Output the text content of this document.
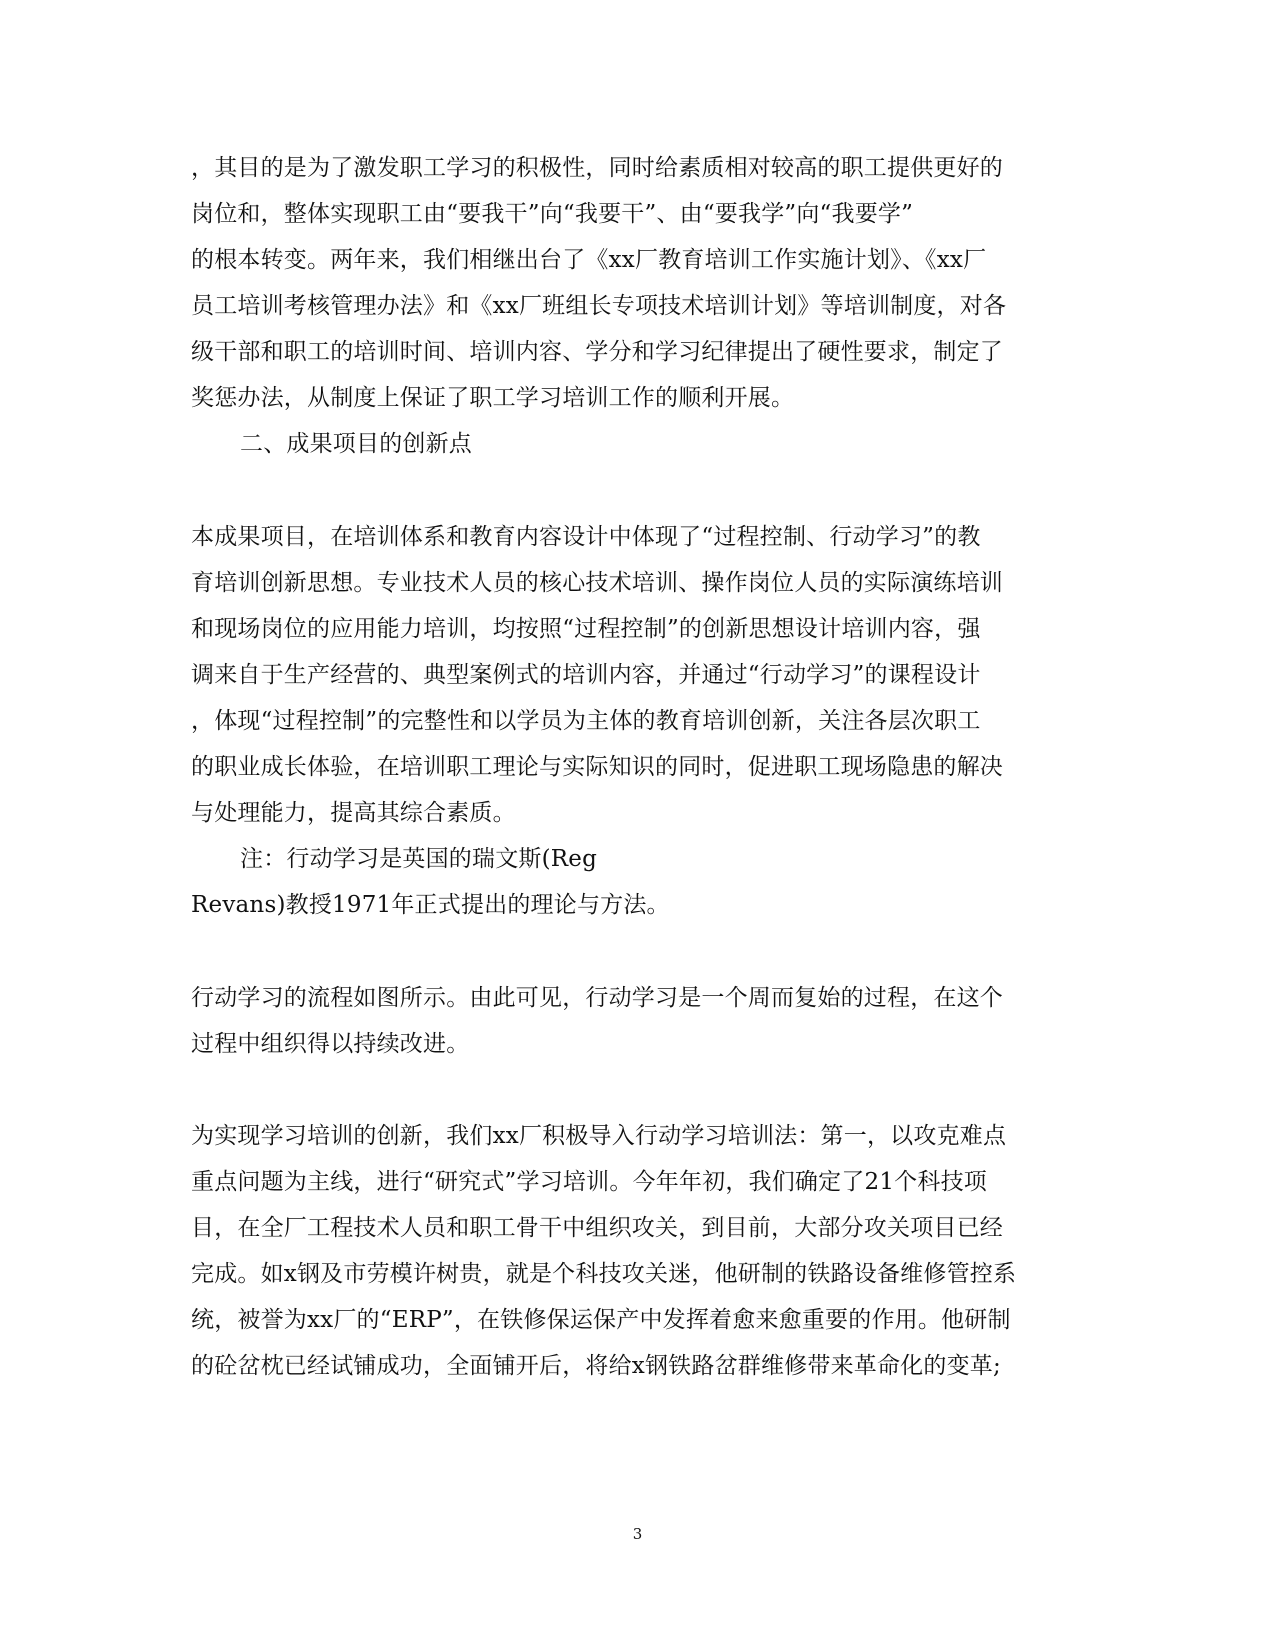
，其目的是为了激发职工学习的积极性，同时给素质相对较高的职工提供更好的
岗位和，整体实现职工由“要我干”向“我要干”、由“要我学”向“我要学”
的根本转变。两年来，我们相继出台了《xx厂教育培训工作实施计划》、《xx厂
员工培训考核管理办法》和《xx厂班组长专项技术培训计划》等培训制度，对各
级干部和职工的培训时间、培训内容、学分和学习纪律提出了硬性要求，制定了
奖惩办法，从制度上保证了职工学习培训工作的顺利开展。
二、成果项目的创新点
本成果项目，在培训体系和教育内容设计中体现了“过程控制、行动学习”的教
育培训创新思想。专业技术人员的核心技术培训、操作岗位人员的实际演练培训
和现场岗位的应用能力培训，均按照“过程控制”的创新思想设计培训内容，强
调来自于生产经营的、典型案例式的培训内容，并通过“行动学习”的课程设计
，体现“过程控制”的完整性和以学员为主体的教育培训创新，关注各层次职工
的职业成长体验，在培训职工理论与实际知识的同时，促进职工现场隐患的解决
与处理能力，提高其综合素质。
注：行动学习是英国的瑞文斯(Reg
Revans)教授1971年正式提出的理论与方法。
行动学习的流程如图所示。由此可见，行动学习是一个周而复始的过程，在这个
过程中组织得以持续改进。
为实现学习培训的创新，我们xx厂积极导入行动学习培训法：第一，以攻克难点
重点问题为主线，进行“研究式”学习培训。今年年初，我们确定了21个科技项
目，在全厂工程技术人员和职工骨干中组织攻关，到目前，大部分攻关项目已经
完成。如x钢及市劳模许树贵，就是个科技攻关迷，他研制的铁路设备维修管控系
统，被誉为xx厂的“ERP”，在铁修保运保产中发挥着愈来愈重要的作用。他研制
的砼岔枕已经试铺成功，全面铺开后，将给x钢铁路岔群维修带来革命化的变革;
3
